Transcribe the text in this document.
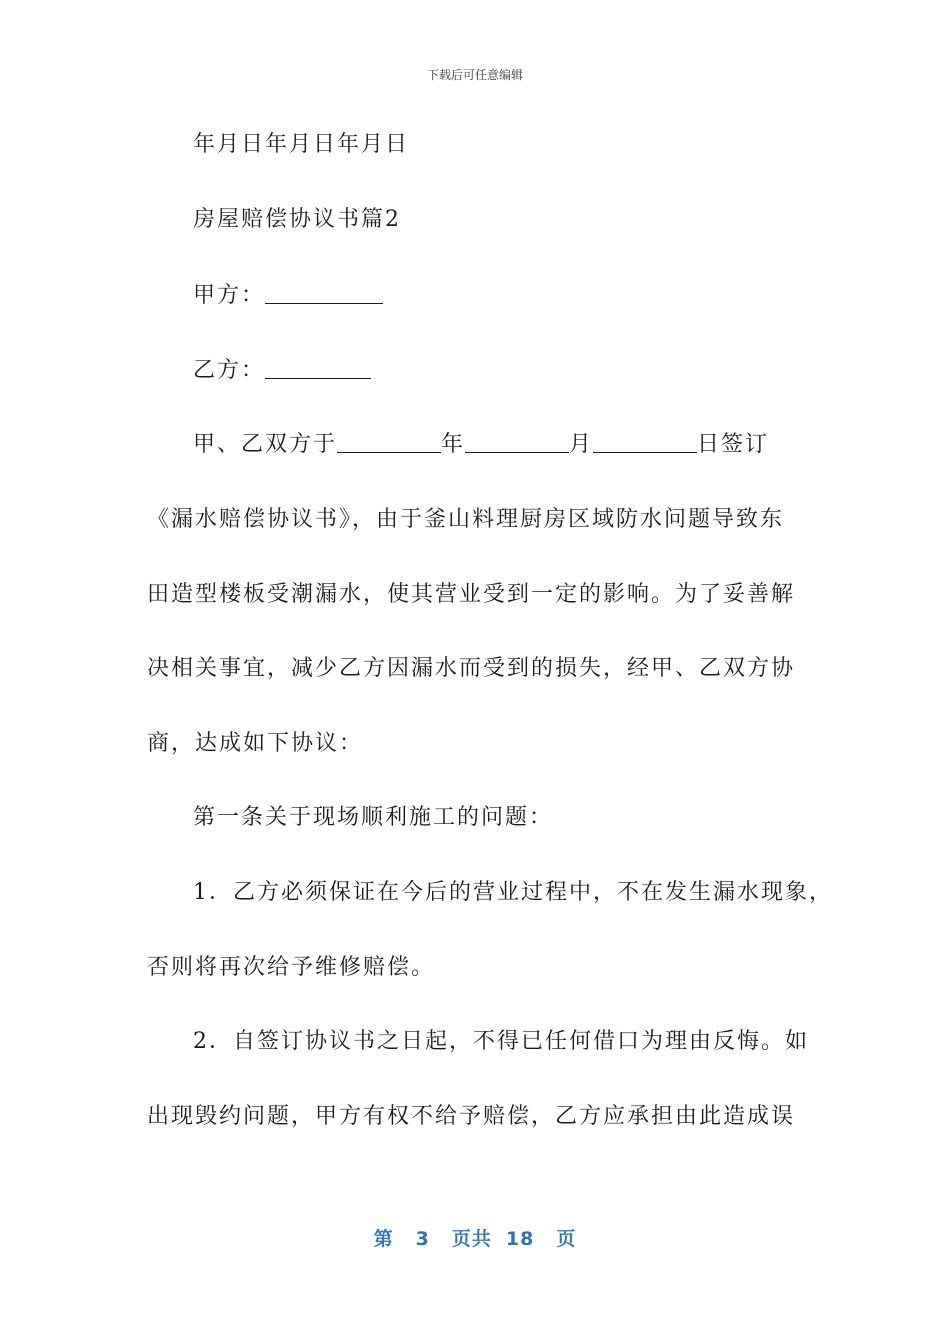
下载后可任意编辑
年月日年月日年月日
房屋赔偿协议书篇2
甲方：
乙方：
甲、乙双方于	年	月	日签订
《漏水赔偿协议书》，由于釜山料理厨房区域防水问题导致东
田造型楼板受潮漏水，使其营业受到一定的影响。为了妥善解
决相关事宜，减少乙方因漏水而受到的损失，经甲、乙双方协
商，达成如下协议：
第一条关于现场顺利施工的问题：
1．乙方必须保证在今后的营业过程中，不在发生漏水现象，
否则将再次给予维修赔偿。
2．自签订协议书之日起，不得已任何借口为理由反悔。如
出现毁约问题，甲方有权不给予赔偿，乙方应承担由此造成误
第 3 页共 18 页
